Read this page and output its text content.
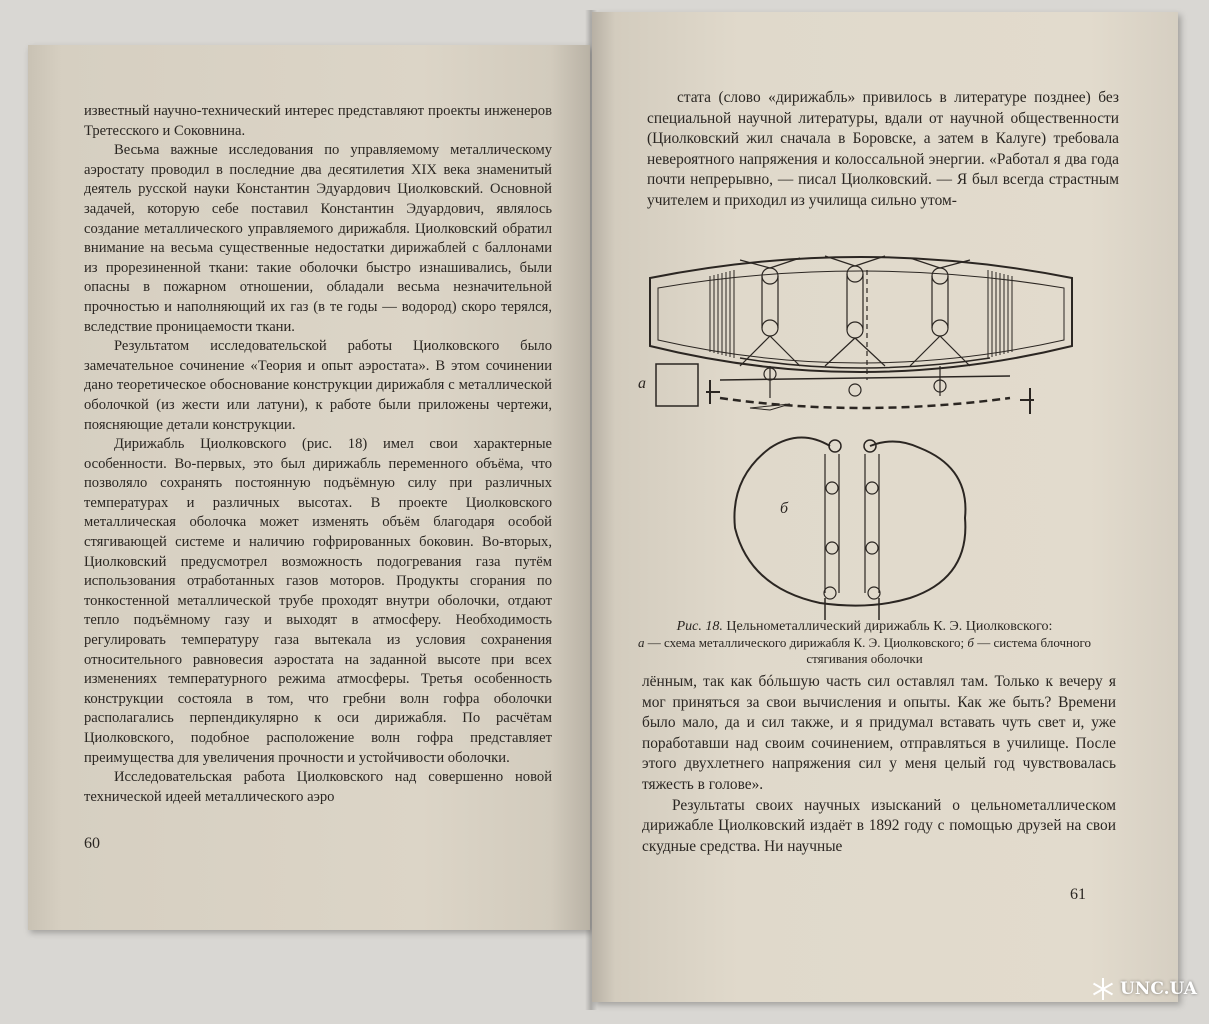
известный научно-технический интерес представляют проекты инженеров Третесского и Соковнина.

Весьма важные исследования по управляемому металлическому аэростату проводил в последние два десятилетия XIX века знаменитый деятель русской науки Константин Эдуардович Циолковский. Основной задачей, которую себе поставил Константин Эдуардович, являлось создание металлического управляемого дирижабля. Циолковский обратил внимание на весьма существенные недостатки дирижаблей с баллонами из прорезиненной ткани: такие оболочки быстро изнашивались, были опасны в пожарном отношении, обладали весьма незначительной прочностью и наполняющий их газ (в те годы — водород) скоро терялся, вследствие проницаемости ткани.

Результатом исследовательской работы Циолковского было замечательное сочинение «Теория и опыт аэростата». В этом сочинении дано теоретическое обоснование конструкции дирижабля с металлической оболочкой (из жести или латуни), к работе были приложены чертежи, поясняющие детали конструкции.

Дирижабль Циолковского (рис. 18) имел свои характерные особенности. Во-первых, это был дирижабль переменного объёма, что позволяло сохранять постоянную подъёмную силу при различных температурах и различных высотах. В проекте Циолковского металлическая оболочка может изменять объём благодаря особой стягивающей системе и наличию гофрированных боковин. Во-вторых, Циолковский предусмотрел возможность подогревания газа путём использования отработанных газов моторов. Продукты сгорания по тонкостенной металлической трубе проходят внутри оболочки, отдают тепло подъёмному газу и выходят в атмосферу. Необходимость регулировать температуру газа вытекала из условия сохранения относительного равновесия аэростата на заданной высоте при всех изменениях температурного режима атмосферы. Третья особенность конструкции состояла в том, что гребни волн гофра оболочки располагались перпендикулярно к оси дирижабля. По расчётам Циолковского, подобное расположение волн гофра представляет преимущества для увеличения прочности и устойчивости оболочки.

Исследовательская работа Циолковского над совершенно новой технической идеей металлического аэро

60

стата (слово «дирижабль» привилось в литературе позднее) без специальной научной литературы, вдали от научной общественности (Циолковский жил сначала в Боровске, а затем в Калуге) требовала невероятного напряжения и колоссальной энергии. «Работал я два года почти непрерывно, — писал Циолковский. — Я был всегда страстным учителем и приходил из училища сильно утом-

а
б
Рис. 18. Цельнометаллический дирижабль К. Э. Циолковского:
а — схема металлического дирижабля К. Э. Циолковского; б — система блочного стягивания оболочки

лённым, так как бóльшую часть сил оставлял там. Только к вечеру я мог приняться за свои вычисления и опыты. Как же быть? Времени было мало, да и сил также, и я придумал вставать чуть свет и, уже поработавши над своим сочинением, отправляться в училище. После этого двухлетнего напряжения сил у меня целый год чувствовалась тяжесть в голове».

Результаты своих научных изысканий о цельнометаллическом дирижабле Циолковский издаёт в 1892 году с помощью друзей на свои скудные средства. Ни научные

61
UNC.UA
